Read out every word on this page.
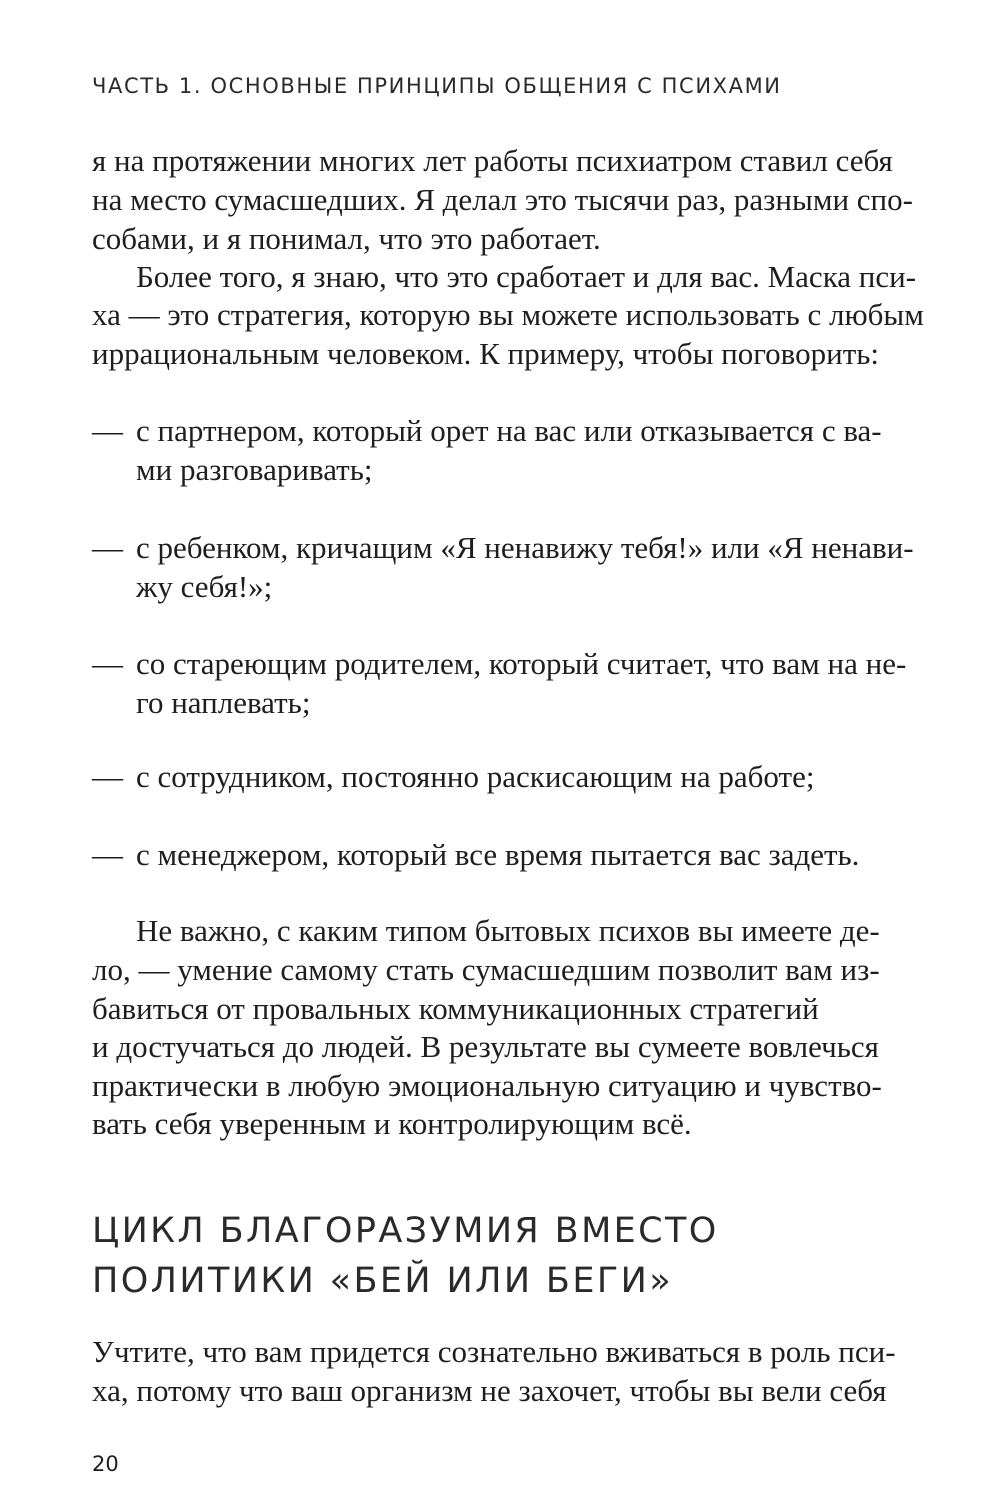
ЧАСТЬ 1. ОСНОВНЫЕ ПРИНЦИПЫ ОБЩЕНИЯ С ПСИХАМИ
я на протяжении многих лет работы психиатром ставил себя
на место сумасшедших. Я делал это тысячи раз, разными спо-
собами, и я понимал, что это работает.
Более того, я знаю, что это сработает и для вас. Маска пси-
ха — это стратегия, которую вы можете использовать с любым
иррациональным человеком. К примеру, чтобы поговорить:
— с партнером, который орет на вас или отказывается с ва-
ми разговаривать;
— с ребенком, кричащим «Я ненавижу тебя!» или «Я ненави-
жу себя!»;
— со стареющим родителем, который считает, что вам на не-
го наплевать;
— с сотрудником, постоянно раскисающим на работе;
— с менеджером, который все время пытается вас задеть.
Не важно, с каким типом бытовых психов вы имеете де-
ло, — умение самому стать сумасшедшим позволит вам из-
бавиться от провальных коммуникационных стратегий
и достучаться до людей. В результате вы сумеете вовлечься
практически в любую эмоциональную ситуацию и чувство-
вать себя уверенным и контролирующим всё.
ЦИКЛ БЛАГОРАЗУМИЯ ВМЕСТО
ПОЛИТИКИ «БЕЙ ИЛИ БЕГИ»
Учтите, что вам придется сознательно вживаться в роль пси-
ха, потому что ваш организм не захочет, чтобы вы вели себя
20
